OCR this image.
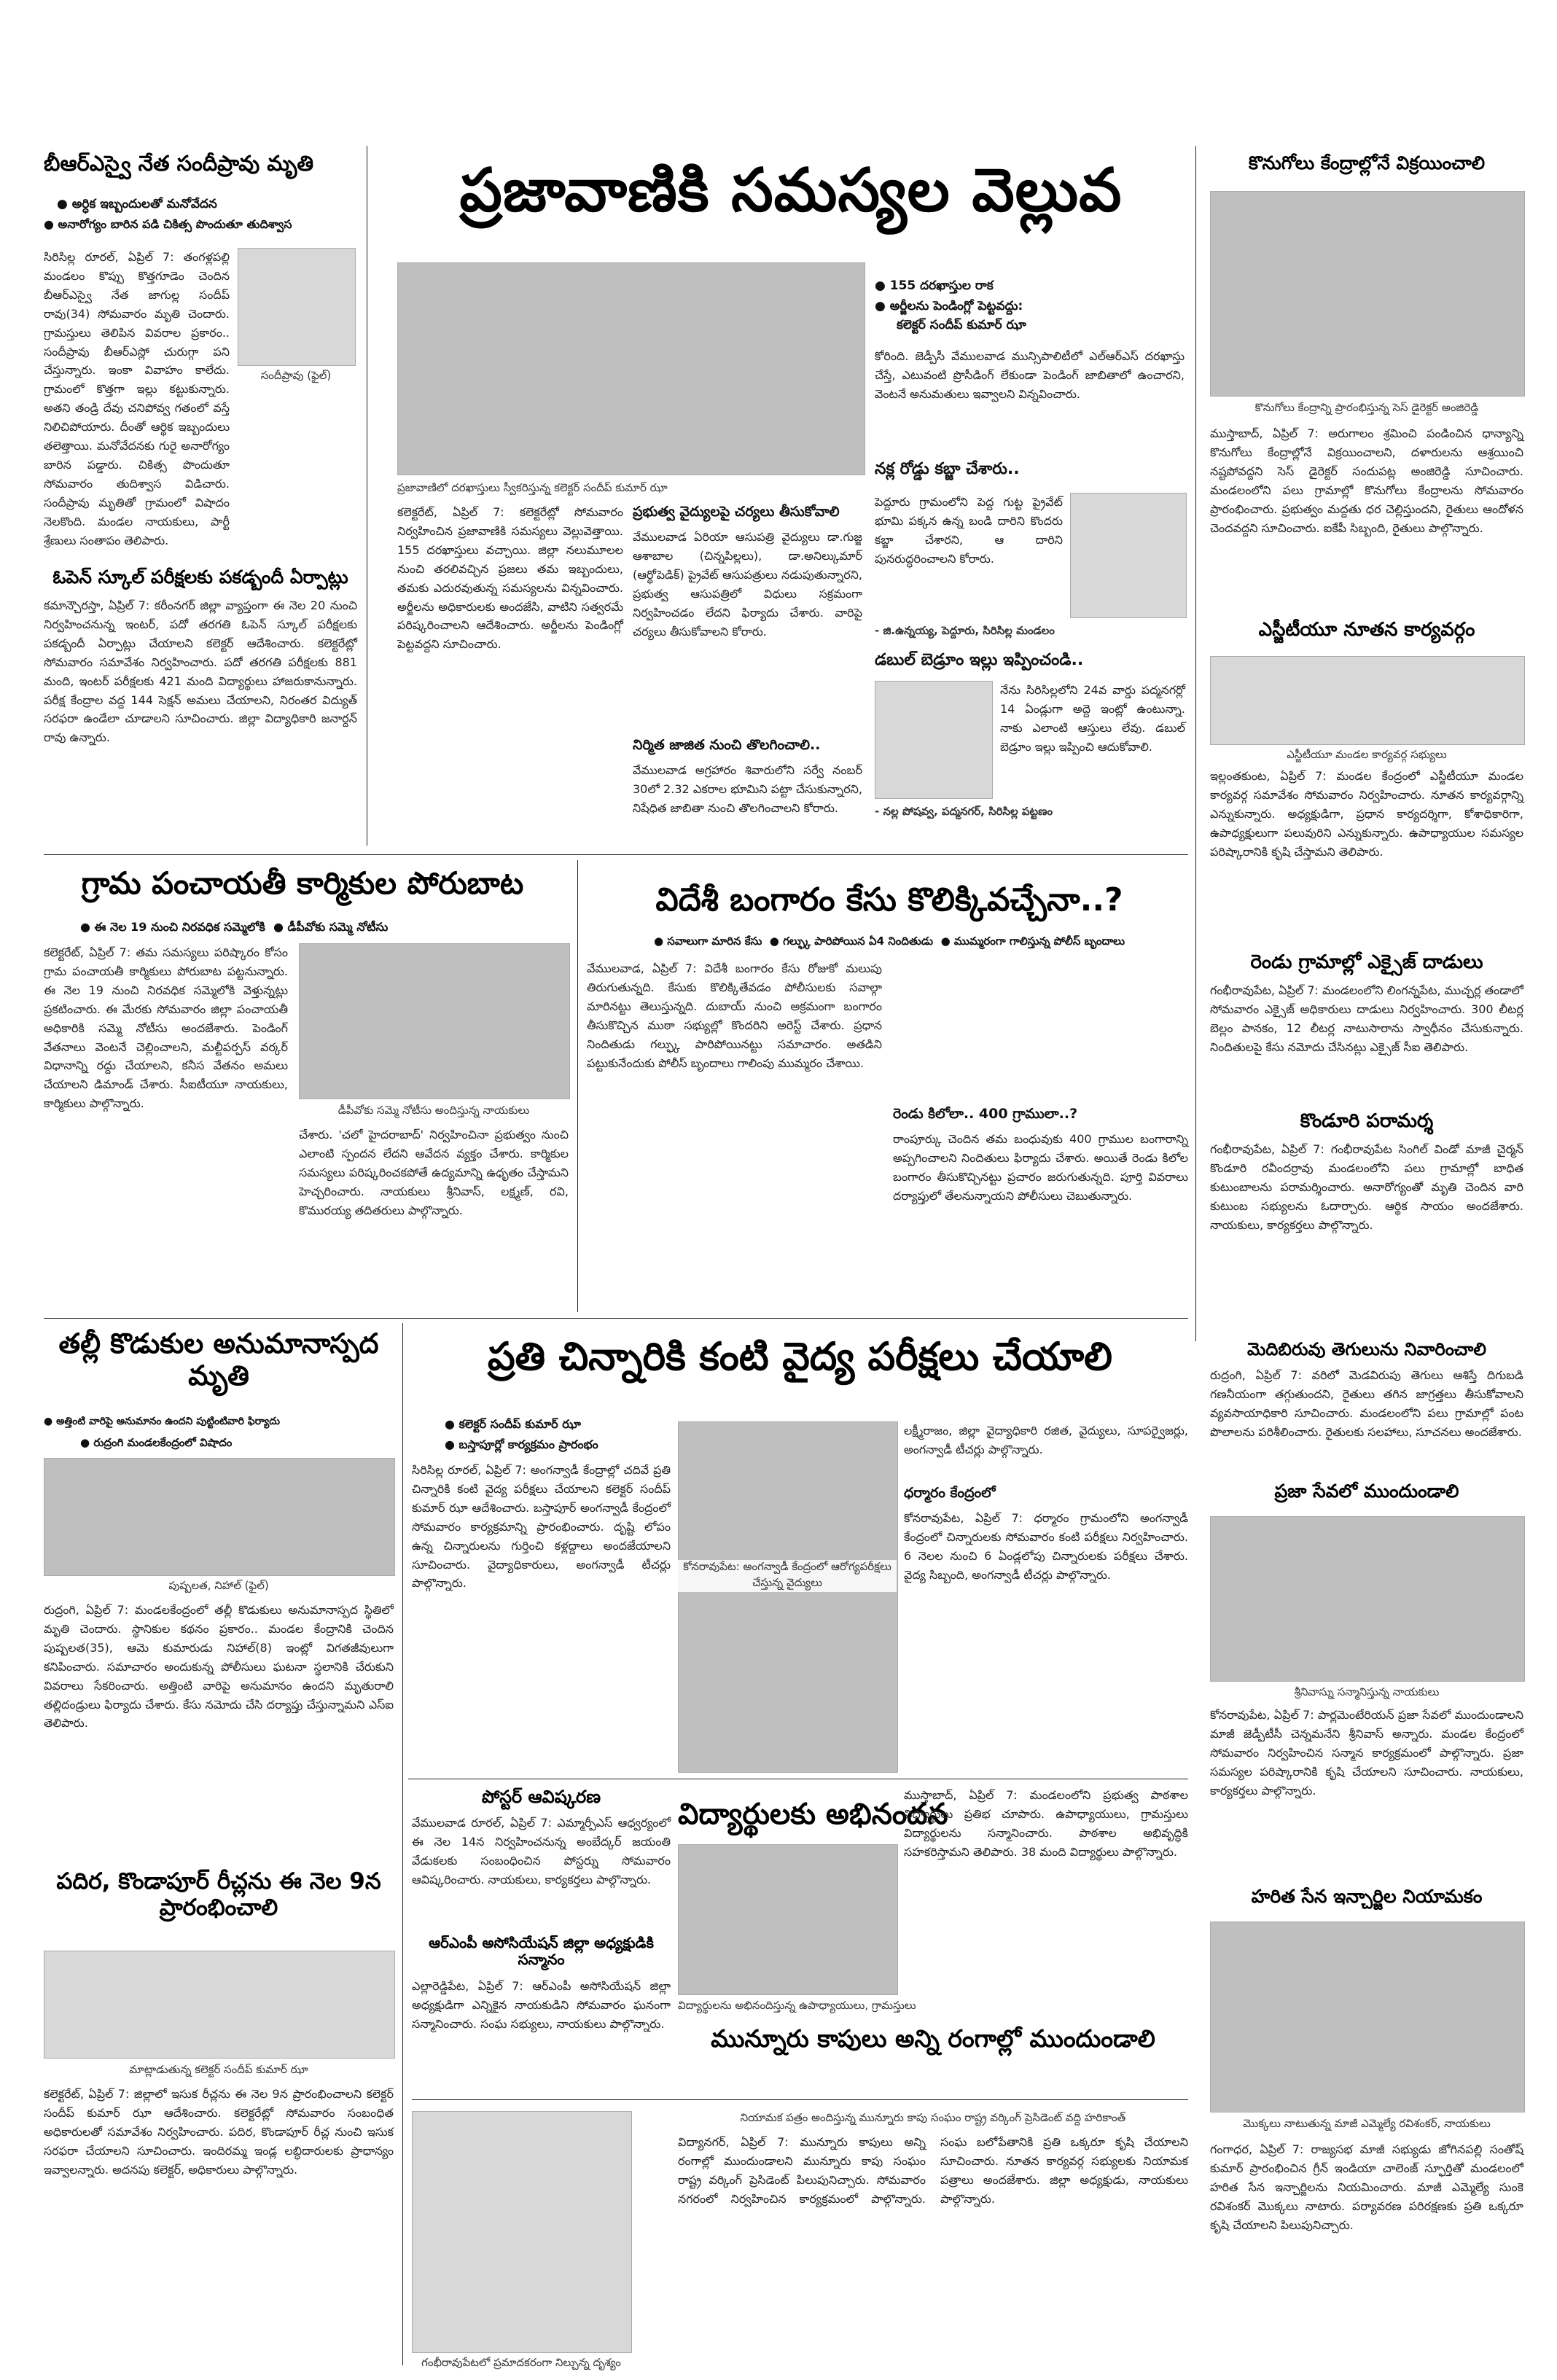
బీఆర్ఎస్వై నేత సందీప్రావు మృతి
● అర్ధిక ఇబ్బందులతో మనోవేదన
● అనారోగ్యం బారిన పడి చికిత్స పొందుతూ తుదిశ్వాస
సందీప్రావు (ఫైల్)
సిరిసిల్ల రూరల్, ఏప్రిల్ 7: తంగళ్లపల్లి మండలం కొప్పు కొత్తగూడెం చెందిన బీఆర్ఎస్వై నేత జాగుల్ల సందీప్ రావు(34) సోమవారం మృతి చెందారు. గ్రామస్తులు తెలిపిన వివరాల ప్రకారం.. సందీప్రావు బీఆర్ఎస్లో చురుగ్గా పని చేస్తున్నారు. ఇంకా వివాహం కాలేదు. గ్రామంలో కొత్తగా ఇల్లు కట్టుకున్నారు. అతని తండ్రి దేవు చనిపోవ్వ గతంలో వస్తే నిలిచిపోయారు. దీంతో ఆర్థిక ఇబ్బందులు తలెత్తాయి. మనోవేదనకు గురై అనారోగ్యం బారిన పడ్డారు. చికిత్స పొందుతూ సోమవారం తుదిశ్వాస విడిచారు. సందీప్రావు మృతితో గ్రామంలో విషాదం నెలకొంది. మండల నాయకులు, పార్టీ శ్రేణులు సంతాపం తెలిపారు.
ఓపెన్ స్కూల్ పరీక్షలకు పకడ్బందీ ఏర్పాట్లు
కమాన్చౌరస్తా, ఏప్రిల్ 7: కరీంనగర్ జిల్లా వ్యాప్తంగా ఈ నెల 20 నుంచి నిర్వహించనున్న ఇంటర్, పదో తరగతి ఓపెన్ స్కూల్ పరీక్షలకు పకడ్బందీ ఏర్పాట్లు చేయాలని కలెక్టర్ ఆదేశించారు. కలెక్టరేట్లో సోమవారం సమావేశం నిర్వహించారు. పదో తరగతి పరీక్షలకు 881 మంది, ఇంటర్ పరీక్షలకు 421 మంది విద్యార్థులు హాజరుకానున్నారు. పరీక్ష కేంద్రాల వద్ద 144 సెక్షన్ అమలు చేయాలని, నిరంతర విద్యుత్ సరఫరా ఉండేలా చూడాలని సూచించారు. జిల్లా విద్యాధికారి జనార్దన్ రావు ఉన్నారు.
ప్రజావాణికి సమస్యల వెల్లువ
ప్రజావాణిలో దరఖాస్తులు స్వీకరిస్తున్న కలెక్టర్ సందీప్ కుమార్ ఝా
● 155 దరఖాస్తుల రాక
● అర్జీలను పెండింగ్లో పెట్టవద్దు:
కలెక్టర్ సందీప్ కుమార్ ఝా
కోరింది. జెడ్పీసీ వేములవాడ మున్సిపాలిటీలో ఎల్ఆర్ఎస్ దరఖాస్తు చేస్తే, ఎటువంటి ప్రొసీడింగ్ లేకుండా పెండింగ్ జాబితాలో ఉంచారని, వెంటనే అనుమతులు ఇవ్వాలని విన్నవించారు.
నక్ల రోడ్డు కబ్జా చేశారు..
పెద్దూరు గ్రామంలోని పెద్ద గుట్ట ప్రైవేట్ భూమి పక్కన ఉన్న బండి దారిని కొందరు కబ్జా చేశారని, ఆ దారిని పునరుద్ధరించాలని కోరారు.
- జి.ఉన్నయ్య, పెద్దూరు, సిరిసిల్ల మండలం
డబుల్ బెడ్రూం ఇల్లు ఇప్పించండి..
నేను సిరిసిల్లలోని 24వ వార్డు పద్మనగర్లో 14 ఏండ్లుగా అద్దె ఇంట్లో ఉంటున్నా. నాకు ఎలాంటి ఆస్తులు లేవు. డబుల్ బెడ్రూం ఇల్లు ఇప్పించి ఆదుకోవాలి.
- నల్ల పోషవ్వ, పద్మనగర్, సిరిసిల్ల పట్టణం
కలెక్టరేట్, ఏప్రిల్ 7: కలెక్టరేట్లో సోమవారం నిర్వహించిన ప్రజావాణికి సమస్యలు వెల్లువెత్తాయి. 155 దరఖాస్తులు వచ్చాయి. జిల్లా నలుమూలల నుంచి తరలివచ్చిన ప్రజలు తమ ఇబ్బందులు, తమకు ఎదురవుతున్న సమస్యలను విన్నవించారు. అర్జీలను అధికారులకు అందజేసి, వాటిని సత్వరమే పరిష్కరించాలని ఆదేశించారు. అర్జీలను పెండింగ్లో పెట్టవద్దని సూచించారు.
ప్రభుత్వ వైద్యులపై చర్యలు తీసుకోవాలి
వేములవాడ ఏరియా ఆసుపత్రి వైద్యులు డా.గుజ్జ ఆశాబాల (చిన్నపిల్లలు), డా.అనిల్కుమార్ (ఆర్థోపెడిక్) ప్రైవేట్ ఆసుపత్రులు నడుపుతున్నారని, ప్రభుత్వ ఆసుపత్రిలో విధులు సక్రమంగా నిర్వహించడం లేదని ఫిర్యాదు చేశారు. వారిపై చర్యలు తీసుకోవాలని కోరారు.
నిర్మిత జాజిత నుంచి తొలగించాలి..
వేములవాడ అగ్రహారం శివారులోని సర్వే నంబర్ 30లో 2.32 ఎకరాల భూమిని పట్టా చేసుకున్నారని, నిషేధిత జాబితా నుంచి తొలగించాలని కోరారు.
కొనుగోలు కేంద్రాల్లోనే విక్రయించాలి
కొనుగోలు కేంద్రాన్ని ప్రారంభిస్తున్న సెస్ డైరెక్టర్ అంజిరెడ్డి
ముస్తాబాద్, ఏప్రిల్ 7: అరుగాలం శ్రమించి పండించిన ధాన్యాన్ని కొనుగోలు కేంద్రాల్లోనే విక్రయించాలని, దళారులను ఆశ్రయించి నష్టపోవద్దని సెస్ డైరెక్టర్ సందుపట్ల అంజిరెడ్డి సూచించారు. మండలంలోని పలు గ్రామాల్లో కొనుగోలు కేంద్రాలను సోమవారం ప్రారంభించారు. ప్రభుత్వం మద్దతు ధర చెల్లిస్తుందని, రైతులు ఆందోళన చెందవద్దని సూచించారు. ఐకేపీ సిబ్బంది, రైతులు పాల్గొన్నారు.
ఎస్జీటీయూ నూతన కార్యవర్గం
ఎస్జీటీయూ మండల కార్యవర్గ సభ్యులు
ఇల్లంతకుంట, ఏప్రిల్ 7: మండల కేంద్రంలో ఎస్జీటీయూ మండల కార్యవర్గ సమావేశం సోమవారం నిర్వహించారు. నూతన కార్యవర్గాన్ని ఎన్నుకున్నారు. అధ్యక్షుడిగా, ప్రధాన కార్యదర్శిగా, కోశాధికారిగా, ఉపాధ్యక్షులుగా పలువురిని ఎన్నుకున్నారు. ఉపాధ్యాయుల సమస్యల పరిష్కారానికి కృషి చేస్తామని తెలిపారు.
రెండు గ్రామాల్లో ఎక్సైజ్ దాడులు
గంభీరావుపేట, ఏప్రిల్ 7: మండలంలోని లింగన్నపేట, ముచ్చర్ల తండాలో సోమవారం ఎక్సైజ్ అధికారులు దాడులు నిర్వహించారు. 300 లీటర్ల బెల్లం పానకం, 12 లీటర్ల నాటుసారాను స్వాధీనం చేసుకున్నారు. నిందితులపై కేసు నమోదు చేసినట్లు ఎక్సైజ్ సీఐ తెలిపారు.
కొండూరి పరామర్శ
గంభీరావుపేట, ఏప్రిల్ 7: గంభీరావుపేట సింగిల్ విండో మాజీ చైర్మన్ కొండూరి రవీందర్రావు మండలంలోని పలు గ్రామాల్లో బాధిత కుటుంబాలను పరామర్శించారు. అనారోగ్యంతో మృతి చెందిన వారి కుటుంబ సభ్యులను ఓదార్చారు. ఆర్థిక సాయం అందజేశారు. నాయకులు, కార్యకర్తలు పాల్గొన్నారు.
మెదిబిరువు తెగులును నివారించాలి
రుద్రంగి, ఏప్రిల్ 7: వరిలో మెడవిరుపు తెగులు ఆశిస్తే దిగుబడి గణనీయంగా తగ్గుతుందని, రైతులు తగిన జాగ్రత్తలు తీసుకోవాలని వ్యవసాయాధికారి సూచించారు. మండలంలోని పలు గ్రామాల్లో పంట పొలాలను పరిశీలించారు. రైతులకు సలహాలు, సూచనలు అందజేశారు.
ప్రజా సేవలో ముందుండాలి
శ్రీనివాస్ను సన్మానిస్తున్న నాయకులు
కోనరావుపేట, ఏప్రిల్ 7: పార్లమెంటేరియన్ ప్రజా సేవలో ముందుండాలని మాజీ జెడ్పీటీసీ చెన్నమనేని శ్రీనివాస్ అన్నారు. మండల కేంద్రంలో సోమవారం నిర్వహించిన సన్మాన కార్యక్రమంలో పాల్గొన్నారు. ప్రజా సమస్యల పరిష్కారానికి కృషి చేయాలని సూచించారు. నాయకులు, కార్యకర్తలు పాల్గొన్నారు.
హరిత సేన ఇన్చార్జిల నియామకం
మొక్కలు నాటుతున్న మాజీ ఎమ్మెల్యే రవిశంకర్, నాయకులు
గంగాధర, ఏప్రిల్ 7: రాజ్యసభ మాజీ సభ్యుడు జోగినపల్లి సంతోష్ కుమార్ ప్రారంభించిన గ్రీన్ ఇండియా చాలెంజ్ స్ఫూర్తితో మండలంలో హరిత సేన ఇన్చార్జిలను నియమించారు. మాజీ ఎమ్మెల్యే సుంకె రవిశంకర్ మొక్కలు నాటారు. పర్యావరణ పరిరక్షణకు ప్రతి ఒక్కరూ కృషి చేయాలని పిలుపునిచ్చారు.
గ్రామ పంచాయతీ కార్మికుల పోరుబాట
● ఈ నెల 19 నుంచి నిరవధిక సమ్మెలోకి ● డీపీవోకు సమ్మె నోటీసు
కలెక్టరేట్, ఏప్రిల్ 7: తమ సమస్యలు పరిష్కారం కోసం గ్రామ పంచాయతీ కార్మికులు పోరుబాట పట్టనున్నారు. ఈ నెల 19 నుంచి నిరవధిక సమ్మెలోకి వెళ్తున్నట్లు ప్రకటించారు. ఈ మేరకు సోమవారం జిల్లా పంచాయతీ అధికారికి సమ్మె నోటీసు అందజేశారు. పెండింగ్ వేతనాలు వెంటనే చెల్లించాలని, మల్టీపర్పస్ వర్కర్ విధానాన్ని రద్దు చేయాలని, కనీస వేతనం అమలు చేయాలని డిమాండ్ చేశారు. సీఐటీయూ నాయకులు, కార్మికులు పాల్గొన్నారు.	డీపీవోకు సమ్మె నోటీసు అందిస్తున్న నాయకులు
చేశారు. 'చలో హైదరాబాద్' నిర్వహించినా ప్రభుత్వం నుంచి ఎలాంటి స్పందన లేదని ఆవేదన వ్యక్తం చేశారు. కార్మికుల సమస్యలు పరిష్కరించకపోతే ఉద్యమాన్ని ఉధృతం చేస్తామని హెచ్చరించారు. నాయకులు శ్రీనివాస్, లక్ష్మణ్, రవి, కొమురయ్య తదితరులు పాల్గొన్నారు.
విదేశీ బంగారం కేసు కొలిక్కివచ్చేనా..?
● సవాలుగా మారిన కేసు ● గల్ఫ్కు పారిపోయిన ఏ4 నిందితుడు ● ముమ్మరంగా గాలిస్తున్న పోలీస్ బృందాలు
వేములవాడ, ఏప్రిల్ 7: విదేశీ బంగారం కేసు రోజుకో మలుపు తిరుగుతున్నది. కేసుకు కొలిక్కితేవడం పోలీసులకు సవాల్గా మారినట్టు తెలుస్తున్నది. దుబాయ్ నుంచి అక్రమంగా బంగారం తీసుకొచ్చిన ముఠా సభ్యుల్లో కొందరిని అరెస్ట్ చేశారు. ప్రధాన నిందితుడు గల్ఫ్కు పారిపోయినట్టు సమాచారం. అతడిని పట్టుకునేందుకు పోలీస్ బృందాలు గాలింపు ముమ్మరం చేశాయి.
రెండు కిలోలా.. 400 గ్రాములా..?
రాంపూర్కు చెందిన తమ బంధువుకు 400 గ్రాముల బంగారాన్ని అప్పగించాలని నిందితులు ఫిర్యాదు చేశారు. అయితే రెండు కిలోల బంగారం తీసుకొచ్చినట్టు ప్రచారం జరుగుతున్నది. పూర్తి వివరాలు దర్యాప్తులో తేలనున్నాయని పోలీసులు చెబుతున్నారు.
తల్లీ కొడుకుల అనుమానాస్పద మృతి
● అత్తింటి వారిపై అనుమానం ఉందని పుట్టింటివారి ఫిర్యాదు
● రుద్రంగి మండలకేంద్రంలో విషాదం
పుష్పలత, నిహాల్ (ఫైల్)
రుద్రంగి, ఏప్రిల్ 7: మండలకేంద్రంలో తల్లీ కొడుకులు అనుమానాస్పద స్థితిలో మృతి చెందారు. స్థానికుల కథనం ప్రకారం.. మండల కేంద్రానికి చెందిన పుష్పలత(35), ఆమె కుమారుడు నిహాల్(8) ఇంట్లో విగతజీవులుగా కనిపించారు. సమాచారం అందుకున్న పోలీసులు ఘటనా స్థలానికి చేరుకుని వివరాలు సేకరించారు. అత్తింటి వారిపై అనుమానం ఉందని మృతురాలి తల్లిదండ్రులు ఫిర్యాదు చేశారు. కేసు నమోదు చేసి దర్యాప్తు చేస్తున్నామని ఎస్ఐ తెలిపారు.
పదిర, కొండాపూర్ రీచ్లను ఈ నెల 9న ప్రారంభించాలి
మాట్లాడుతున్న కలెక్టర్ సందీప్ కుమార్ ఝా
కలెక్టరేట్, ఏప్రిల్ 7: జిల్లాలో ఇసుక రీచ్లను ఈ నెల 9న ప్రారంభించాలని కలెక్టర్ సందీప్ కుమార్ ఝా ఆదేశించారు. కలెక్టరేట్లో సోమవారం సంబంధిత అధికారులతో సమావేశం నిర్వహించారు. పదిర, కొండాపూర్ రీచ్ల నుంచి ఇసుక సరఫరా చేయాలని సూచించారు. ఇందిరమ్మ ఇండ్ల లబ్ధిదారులకు ప్రాధాన్యం ఇవ్వాలన్నారు. అదనపు కలెక్టర్, అధికారులు పాల్గొన్నారు.
ప్రతి చిన్నారికి కంటి వైద్య పరీక్షలు చేయాలి
● కలెక్టర్ సందీప్ కుమార్ ఝా
● బస్తాపూర్లో కార్యక్రమం ప్రారంభం
సిరిసిల్ల రూరల్, ఏప్రిల్ 7: అంగన్వాడీ కేంద్రాల్లో చదివే ప్రతి చిన్నారికి కంటి వైద్య పరీక్షలు చేయాలని కలెక్టర్ సందీప్ కుమార్ ఝా ఆదేశించారు. బస్తాపూర్ అంగన్వాడీ కేంద్రంలో సోమవారం కార్యక్రమాన్ని ప్రారంభించారు. దృష్టి లోపం ఉన్న చిన్నారులను గుర్తించి కళ్లద్దాలు అందజేయాలని సూచించారు. వైద్యాధికారులు, అంగన్వాడీ టీచర్లు పాల్గొన్నారు.
కోనరావుపేట: అంగన్వాడీ కేంద్రంలో ఆరోగ్యపరీక్షలు చేస్తున్న వైద్యులు
లక్ష్మీరాజం, జిల్లా వైద్యాధికారి రజిత, వైద్యులు, సూపర్వైజర్లు, అంగన్వాడీ టీచర్లు పాల్గొన్నారు.
ధర్మారం కేంద్రంలో
కోనరావుపేట, ఏప్రిల్ 7: ధర్మారం గ్రామంలోని అంగన్వాడీ కేంద్రంలో చిన్నారులకు సోమవారం కంటి పరీక్షలు నిర్వహించారు. 6 నెలల నుంచి 6 ఏండ్లలోపు చిన్నారులకు పరీక్షలు చేశారు. వైద్య సిబ్బంది, అంగన్వాడీ టీచర్లు పాల్గొన్నారు.
పోస్టర్ ఆవిష్కరణ
వేములవాడ రూరల్, ఏప్రిల్ 7: ఎమ్మార్పీఎస్ ఆధ్వర్యంలో ఈ నెల 14న నిర్వహించనున్న అంబేద్కర్ జయంతి వేడుకలకు సంబంధించిన పోస్టర్ను సోమవారం ఆవిష్కరించారు. నాయకులు, కార్యకర్తలు పాల్గొన్నారు.
ఆర్ఎంపీ అసోసియేషన్ జిల్లా అధ్యక్షుడికి సన్మానం
ఎల్లారెడ్డిపేట, ఏప్రిల్ 7: ఆర్ఎంపీ అసోసియేషన్ జిల్లా అధ్యక్షుడిగా ఎన్నికైన నాయకుడిని సోమవారం ఘనంగా సన్మానించారు. సంఘ సభ్యులు, నాయకులు పాల్గొన్నారు.
విద్యార్థులకు అభినందన
విద్యార్థులను అభినందిస్తున్న ఉపాధ్యాయులు, గ్రామస్తులు
ముస్తాబాద్, ఏప్రిల్ 7: మండలంలోని ప్రభుత్వ పాఠశాల విద్యార్థులు ప్రతిభ చూపారు. ఉపాధ్యాయులు, గ్రామస్తులు విద్యార్థులను సన్మానించారు. పాఠశాల అభివృద్ధికి సహకరిస్తామని తెలిపారు. 38 మంది విద్యార్థులు పాల్గొన్నారు.
మున్నూరు కాపులు అన్ని రంగాల్లో ముందుండాలి
నియామక పత్రం అందిస్తున్న మున్నూరు కాపు సంఘం రాష్ట్ర వర్కింగ్ ప్రెసిడెంట్ వద్ది హరికాంత్
విద్యానగర్, ఏప్రిల్ 7: మున్నూరు కాపులు అన్ని రంగాల్లో ముందుండాలని మున్నూరు కాపు సంఘం రాష్ట్ర వర్కింగ్ ప్రెసిడెంట్ పిలుపునిచ్చారు. సోమవారం నగరంలో నిర్వహించిన కార్యక్రమంలో పాల్గొన్నారు. సంఘ బలోపేతానికి ప్రతి ఒక్కరూ కృషి చేయాలని సూచించారు. నూతన కార్యవర్గ సభ్యులకు నియామక పత్రాలు అందజేశారు. జిల్లా అధ్యక్షుడు, నాయకులు పాల్గొన్నారు.
గంభీరావుపేటలో ప్రమాదకరంగా నిల్చున్న దృశ్యం
